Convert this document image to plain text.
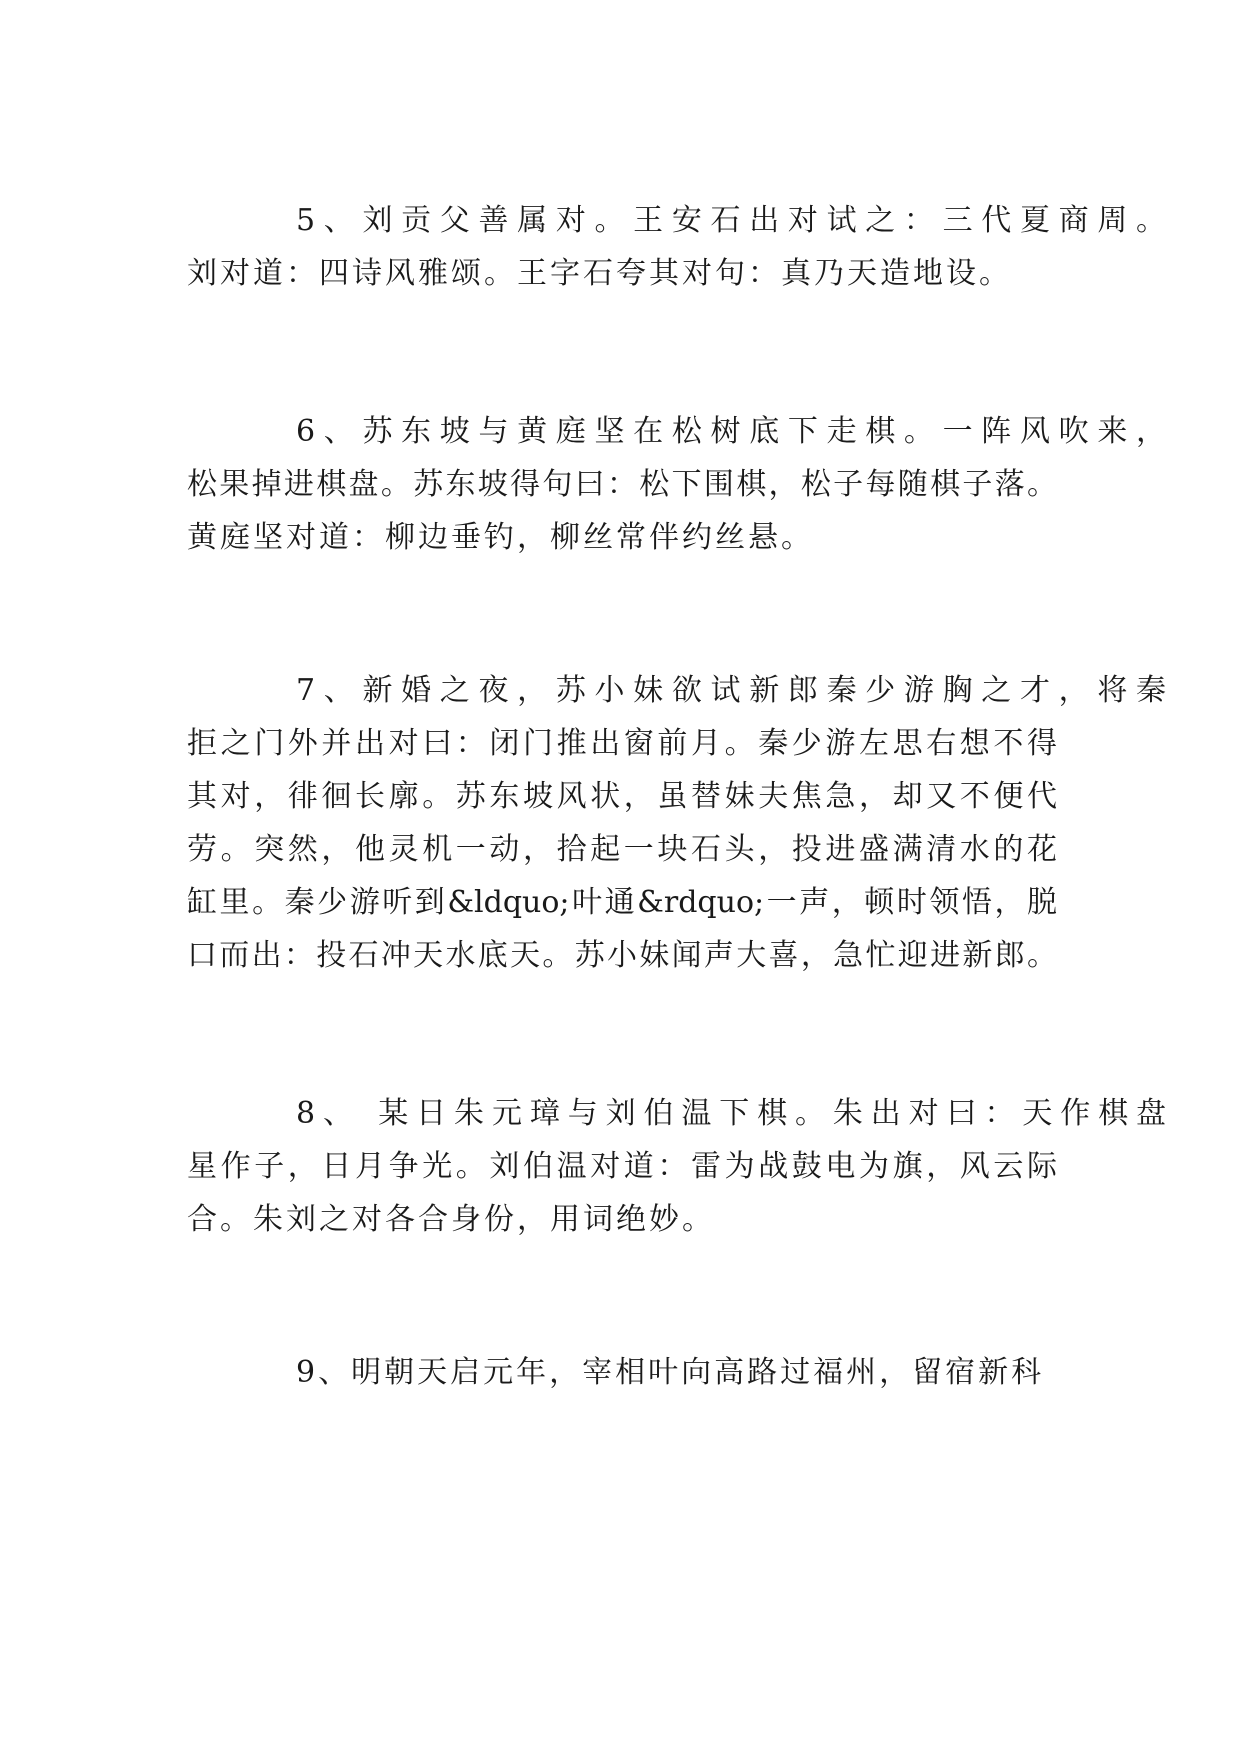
5、刘贡父善属对。王安石出对试之：三代夏商周。
刘对道：四诗风雅颂。王字石夸其对句：真乃天造地设。
6、苏东坡与黄庭坚在松树底下走棋。一阵风吹来，
松果掉进棋盘。苏东坡得句曰：松下围棋，松子每随棋子落。
黄庭坚对道：柳边垂钓，柳丝常伴约丝悬。
7、新婚之夜，苏小妹欲试新郎秦少游胸之才，将秦
拒之门外并出对曰：闭门推出窗前月。秦少游左思右想不得
其对，徘徊长廓。苏东坡风状，虽替妹夫焦急，却又不便代
劳。突然，他灵机一动，拾起一块石头，投进盛满清水的花
缸里。秦少游听到&ldquo;叶通&rdquo;一声，顿时领悟，脱
口而出：投石冲天水底天。苏小妹闻声大喜，急忙迎进新郎。
8、 某日朱元璋与刘伯温下棋。朱出对曰：天作棋盘
星作子，日月争光。刘伯温对道：雷为战鼓电为旗，风云际
合。朱刘之对各合身份，用词绝妙。
9、明朝天启元年，宰相叶向高路过福州，留宿新科
